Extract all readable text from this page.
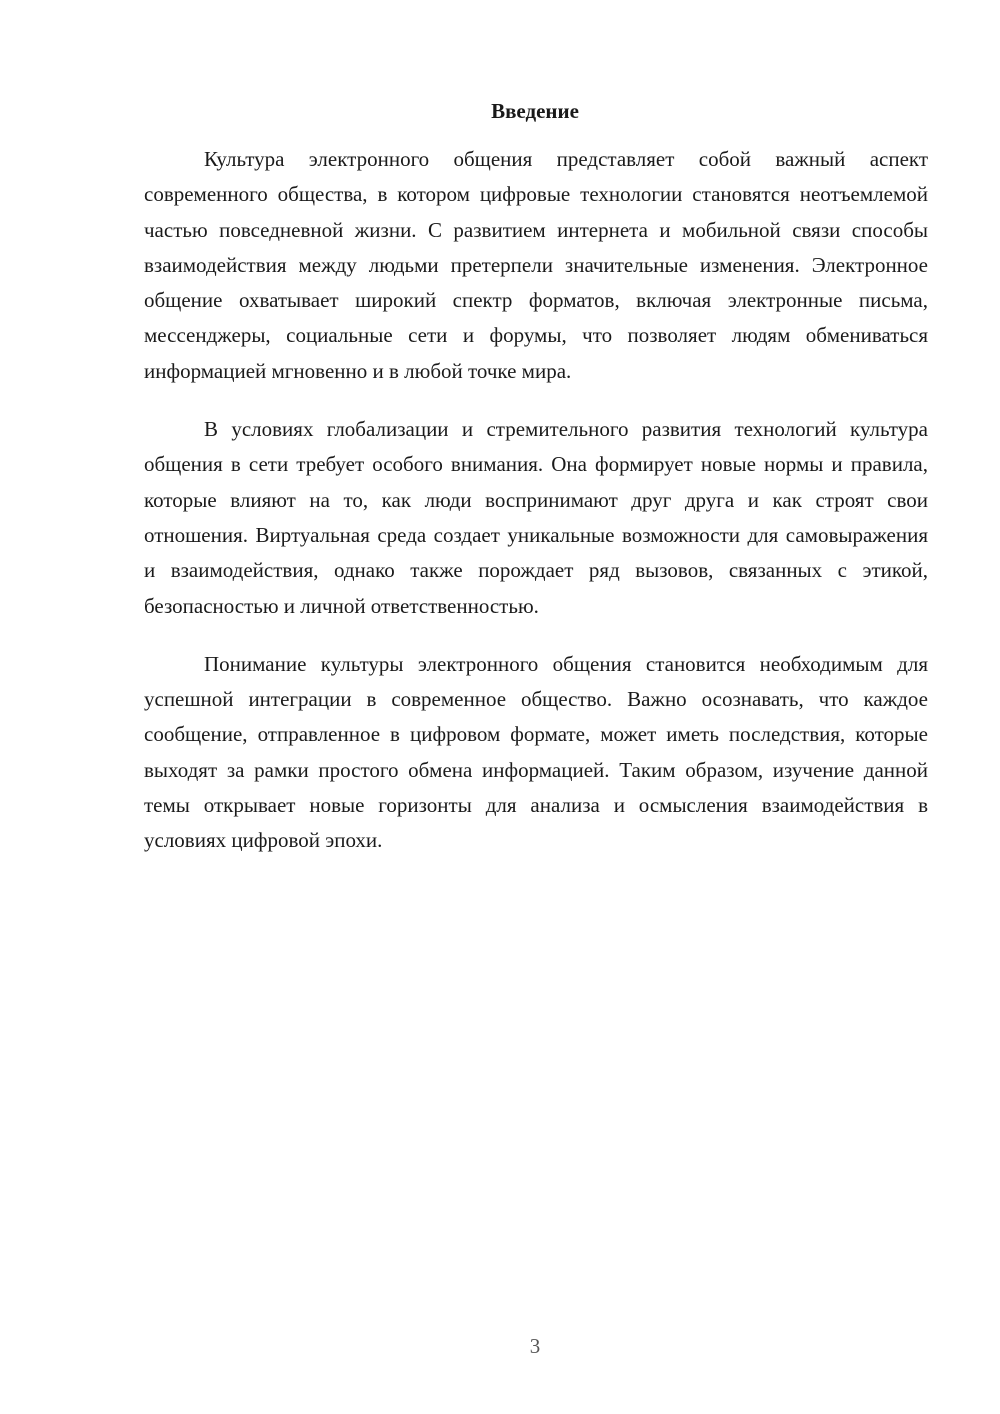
Введение

Культура электронного общения представляет собой важный аспект современного общества, в котором цифровые технологии становятся неотъемлемой частью повседневной жизни. С развитием интернета и мобильной связи способы взаимодействия между людьми претерпели значительные изменения. Электронное общение охватывает широкий спектр форматов, включая электронные письма, мессенджеры, социальные сети и форумы, что позволяет людям обмениваться информацией мгновенно и в любой точке мира.

В условиях глобализации и стремительного развития технологий культура общения в сети требует особого внимания. Она формирует новые нормы и правила, которые влияют на то, как люди воспринимают друг друга и как строят свои отношения. Виртуальная среда создает уникальные возможности для самовыражения и взаимодействия, однако также порождает ряд вызовов, связанных с этикой, безопасностью и личной ответственностью.

Понимание культуры электронного общения становится необходимым для успешной интеграции в современное общество. Важно осознавать, что каждое сообщение, отправленное в цифровом формате, может иметь последствия, которые выходят за рамки простого обмена информацией. Таким образом, изучение данной темы открывает новые горизонты для анализа и осмысления взаимодействия в условиях цифровой эпохи.

3
